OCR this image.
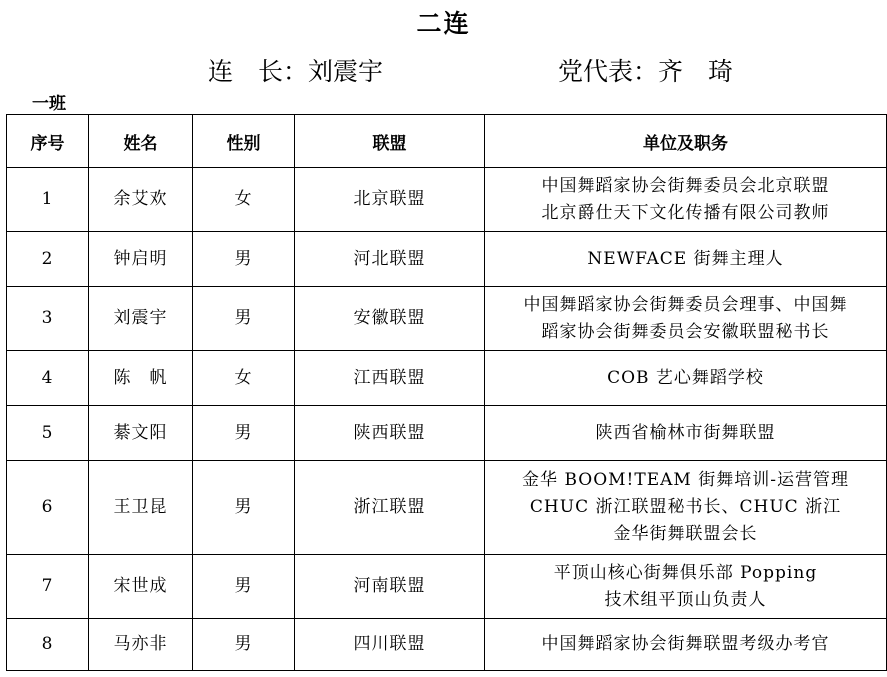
二连
连　长：刘震宇	党代表：齐　琦
一班
序号	姓名	性别	联盟	单位及职务
1	余艾欢	女	北京联盟	中国舞蹈家协会街舞委员会北京联盟
北京爵仕天下文化传播有限公司教师

2	钟启明	男	河北联盟	NEWFACE 街舞主理人

3	刘震宇	男	安徽联盟	中国舞蹈家协会街舞委员会理事、中国舞
蹈家协会街舞委员会安徽联盟秘书长

4	陈　帆	女	江西联盟	COB 艺心舞蹈学校

5	綦文阳	男	陕西联盟	陕西省榆林市街舞联盟

6	王卫昆	男	浙江联盟	金华 BOOM!TEAM 街舞培训-运营管理
CHUC 浙江联盟秘书长、CHUC 浙江
金华街舞联盟会长

7	宋世成	男	河南联盟	平顶山核心街舞俱乐部 Popping
技术组平顶山负责人

8	马亦非	男	四川联盟	中国舞蹈家协会街舞联盟考级办考官
